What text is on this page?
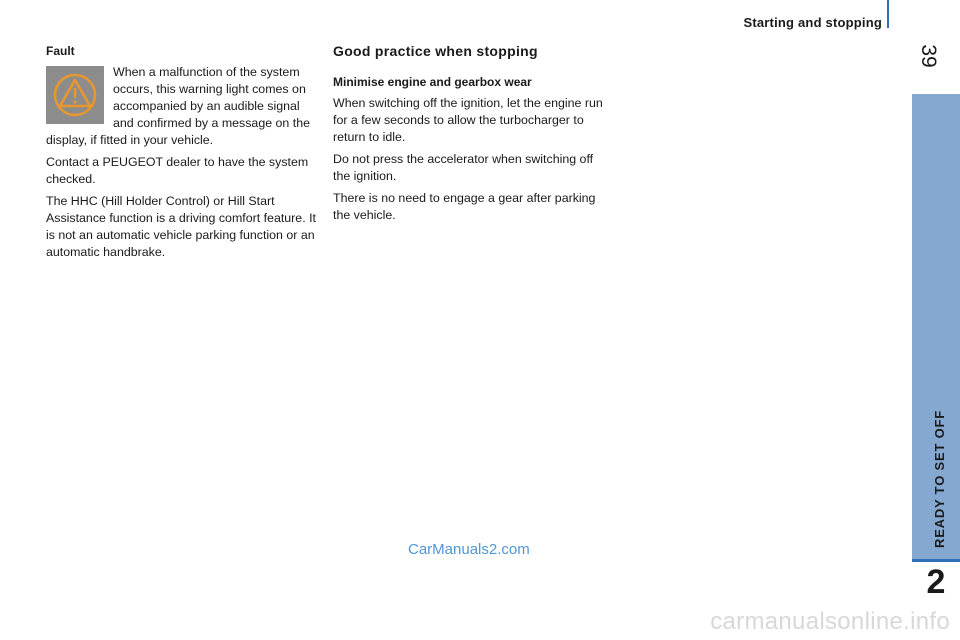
Starting and stopping
39
READY TO SET OFF
2
Fault

When a malfunction of the system occurs, this warning light comes on accompanied by an audible signal and confirmed by a message on the display, if fitted in your vehicle.

Contact a PEUGEOT dealer to have the system checked.

The HHC (Hill Holder Control) or Hill Start Assistance function is a driving comfort feature. It is not an automatic vehicle parking function or an automatic handbrake.

Good practice when stopping
Minimise engine and gearbox wear

When switching off the ignition, let the engine run for a few seconds to allow the turbocharger to return to idle.

Do not press the accelerator when switching off the ignition.

There is no need to engage a gear after parking the vehicle.

CarManuals2.com
carmanualsonline.info
